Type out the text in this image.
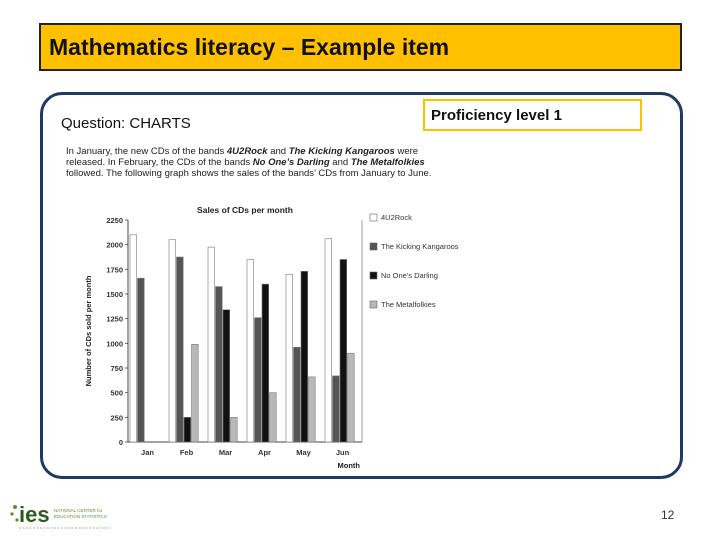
Mathematics literacy – Example item
Question: CHARTS	Proficiency level 1
In January, the new CDs of the bands 4U2Rock and The Kicking Kangaroos were released. In February, the CDs of the bands No One’s Darling and The Metalfolkies followed. The following graph shows the sales of the bands’ CDs from January to June.
Sales of CDs per month
0
250
500
750
1000
1250
1500
1750
2000
2250
Number of CDs sold per month
Jan	Feb	Mar	Apr	May	Jun
Month
4U2Rock
The Kicking Kangaroos
No One's Darling
The Metalfolkies
ies NATIONAL CENTER for
EDUCATION STATISTICS	12
